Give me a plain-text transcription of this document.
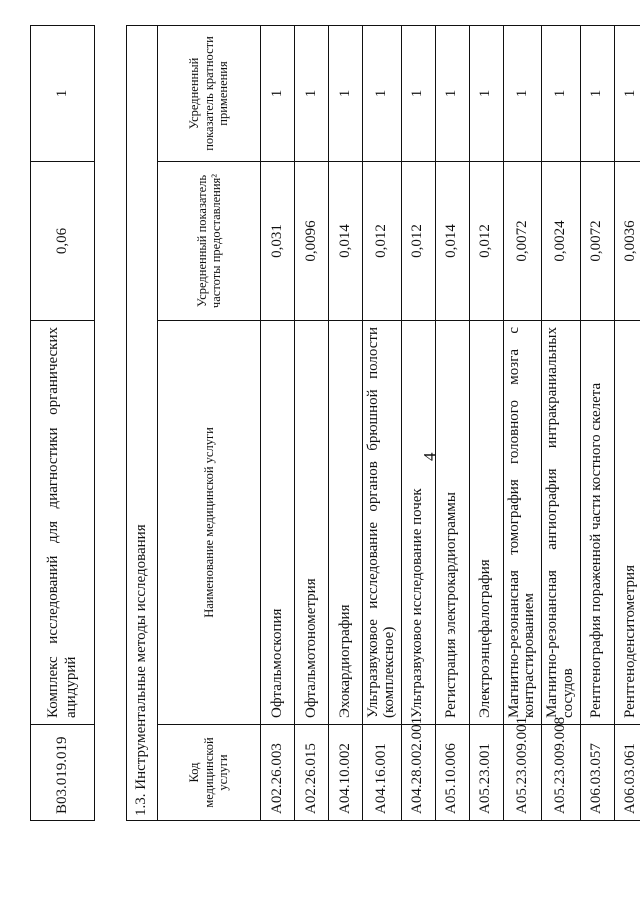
4
B03.019.019	Комплекс исследований для диагностики органических ацидурий	0,06	1
1.3. Инструментальные методы исследования			
Код медицинской услуги	Наименование медицинской услуги	Усредненный показатель частоты предоставления²	Усредненный показатель кратности применения
A02.26.003	Офтальмоскопия	0,031	1
A02.26.015	Офтальмотонометрия	0,0096	1
A04.10.002	Эхокардиография	0,014	1
A04.16.001	Ультразвуковое исследование органов брюшной полости (комплексное)	0,012	1
A04.28.002.001	Ультразвуковое исследование почек	0,012	1
A05.10.006	Регистрация электрокардиограммы	0,014	1
A05.23.001	Электроэнцефалография	0,012	1
A05.23.009.001	Магнитно-резонансная томография головного мозга с контрастированием	0,0072	1
A05.23.009.008	Магнитно-резонансная ангиография интракраниальных сосудов	0,0024	1
A06.03.057	Рентгенография пораженной части костного скелета	0,0072	1
A06.03.061	Рентгеноденситометрия	0,0036	1
